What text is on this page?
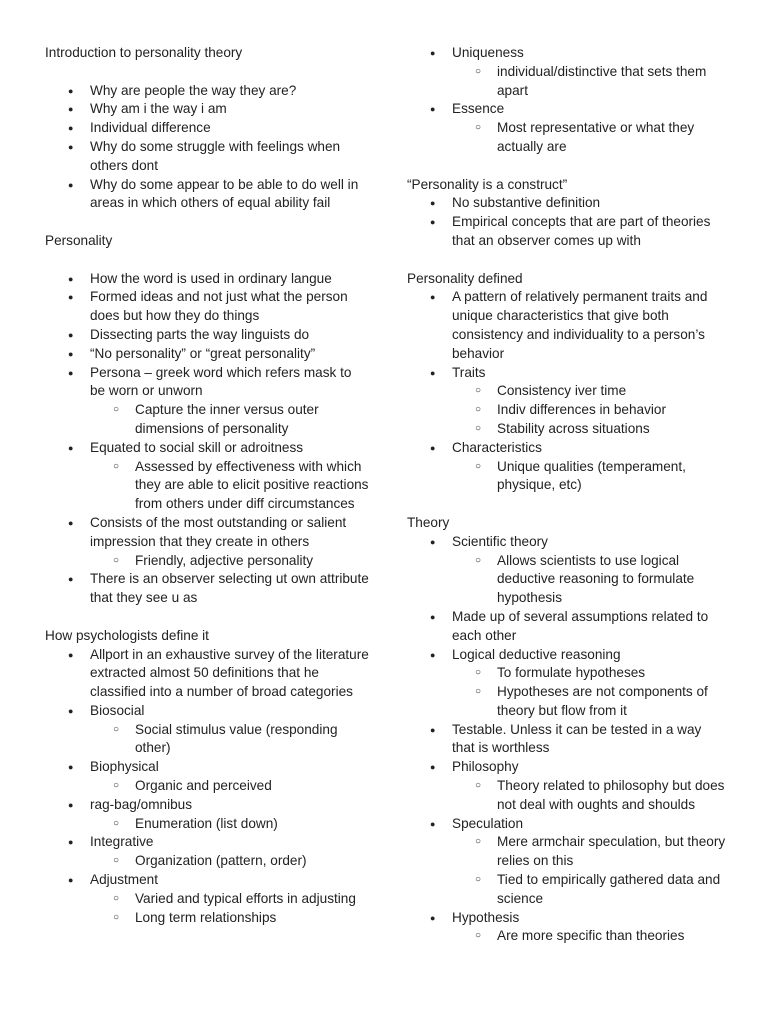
Introduction to personality theory

● Why are people the way they are?
● Why am i the way i am
● Individual difference
● Why do some struggle with feelings when others dont
● Why do some appear to be able to do well in areas in which others of equal ability fail

Personality

● How the word is used in ordinary langue
● Formed ideas and not just what the person does but how they do things
● Dissecting parts the way linguists do
● “No personality” or “great personality”
● Persona – greek word which refers mask to be worn or unworn
○ Capture the inner versus outer dimensions of personality
● Equated to social skill or adroitness
○ Assessed by effectiveness with which they are able to elicit positive reactions from others under diff circumstances
● Consists of the most outstanding or salient impression that they create in others
○ Friendly, adjective personality
● There is an observer selecting ut own attribute that they see u as

How psychologists define it

● Allport in an exhaustive survey of the literature extracted almost 50 definitions that he classified into a number of broad categories
● Biosocial
○ Social stimulus value (responding other)
● Biophysical
○ Organic and perceived
● rag-bag/omnibus
○ Enumeration (list down)
● Integrative
○ Organization (pattern, order)
● Adjustment
○ Varied and typical efforts in adjusting
○ Long term relationships
● Uniqueness
○ individual/distinctive that sets them apart
● Essence
○ Most representative or what they actually are

“Personality is a construct”

● No substantive definition
● Empirical concepts that are part of theories that an observer comes up with

Personality defined

● A pattern of relatively permanent traits and unique characteristics that give both consistency and individuality to a person’s behavior
● Traits
○ Consistency iver time
○ Indiv differences in behavior
○ Stability across situations
● Characteristics
○ Unique qualities (temperament, physique, etc)

Theory

● Scientific theory
○ Allows scientists to use logical deductive reasoning to formulate hypothesis
● Made up of several assumptions related to each other
● Logical deductive reasoning
○ To formulate hypotheses
○ Hypotheses are not components of theory but flow from it
● Testable. Unless it can be tested in a way that is worthless
● Philosophy
○ Theory related to philosophy but does not deal with oughts and shoulds
● Speculation
○ Mere armchair speculation, but theory relies on this
○ Tied to empirically gathered data and science
● Hypothesis
○ Are more specific than theories
